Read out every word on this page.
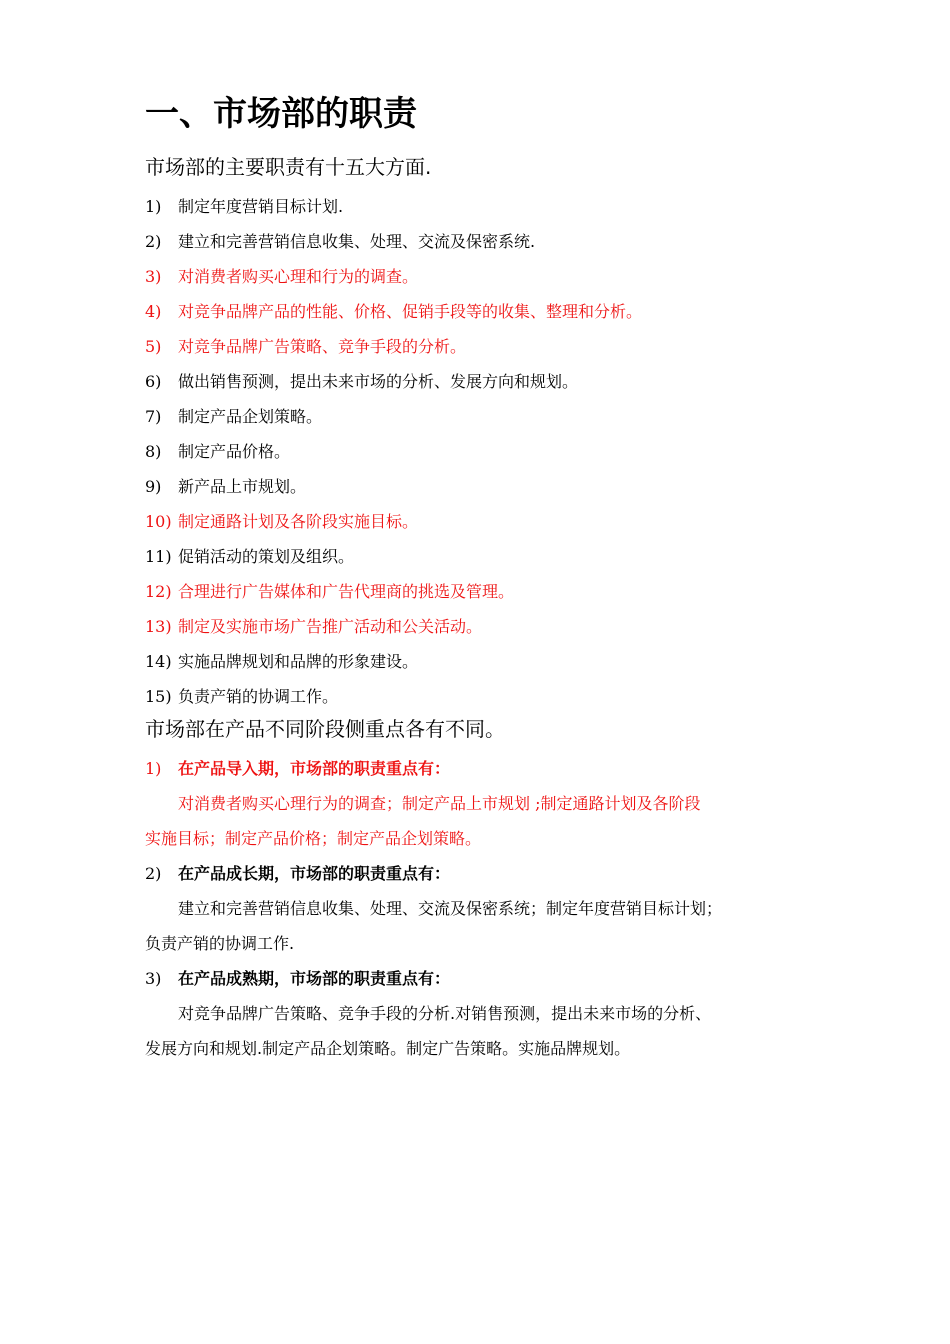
一、市场部的职责
市场部的主要职责有十五大方面.
1) 制定年度营销目标计划.
2) 建立和完善营销信息收集、处理、交流及保密系统.
3) 对消费者购买心理和行为的调查。
4) 对竞争品牌产品的性能、价格、促销手段等的收集、整理和分析。
5) 对竞争品牌广告策略、竞争手段的分析。
6) 做出销售预测，提出未来市场的分析、发展方向和规划。
7) 制定产品企划策略。
8) 制定产品价格。
9) 新产品上市规划。
10) 制定通路计划及各阶段实施目标。
11) 促销活动的策划及组织。
12) 合理进行广告媒体和广告代理商的挑选及管理。
13) 制定及实施市场广告推广活动和公关活动。
14) 实施品牌规划和品牌的形象建设。
15) 负责产销的协调工作。
市场部在产品不同阶段侧重点各有不同。
1) 在产品导入期，市场部的职责重点有：
对消费者购买心理行为的调查；制定产品上市规划 ;制定通路计划及各阶段
实施目标；制定产品价格；制定产品企划策略。
2) 在产品成长期，市场部的职责重点有：
建立和完善营销信息收集、处理、交流及保密系统；制定年度营销目标计划；
负责产销的协调工作.
3) 在产品成熟期，市场部的职责重点有：
对竞争品牌广告策略、竞争手段的分析.对销售预测，提出未来市场的分析、
发展方向和规划.制定产品企划策略。制定广告策略。实施品牌规划。
